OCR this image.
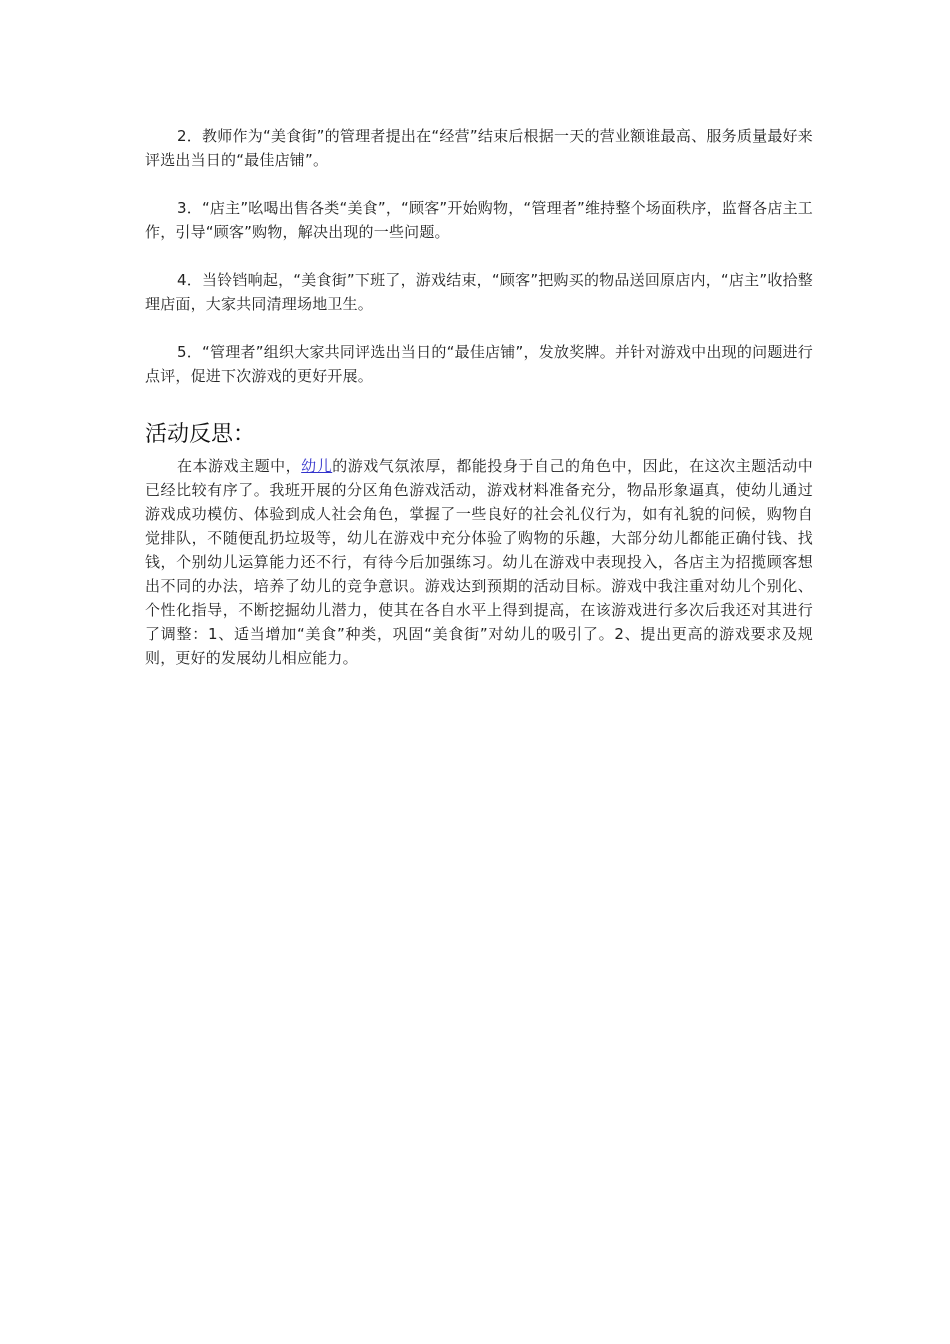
2．教师作为“美食街”的管理者提出在“经营”结束后根据一天的营业额谁最高、服务质量最好来评选出当日的“最佳店铺”。

3．“店主”吆喝出售各类“美食”，“顾客”开始购物，“管理者”维持整个场面秩序，监督各店主工作，引导“顾客”购物，解决出现的一些问题。

4．当铃铛响起，“美食街”下班了，游戏结束，“顾客”把购买的物品送回原店内，“店主”收拾整理店面，大家共同清理场地卫生。

5．“管理者”组织大家共同评选出当日的“最佳店铺”，发放奖牌。并针对游戏中出现的问题进行点评，促进下次游戏的更好开展。

活动反思：

在本游戏主题中，幼儿的游戏气氛浓厚，都能投身于自己的角色中，因此，在这次主题活动中已经比较有序了。我班开展的分区角色游戏活动，游戏材料准备充分，物品形象逼真，使幼儿通过游戏成功模仿、体验到成人社会角色，掌握了一些良好的社会礼仪行为，如有礼貌的问候，购物自觉排队，不随便乱扔垃圾等，幼儿在游戏中充分体验了购物的乐趣，大部分幼儿都能正确付钱、找钱，个别幼儿运算能力还不行，有待今后加强练习。幼儿在游戏中表现投入，各店主为招揽顾客想出不同的办法，培养了幼儿的竞争意识。游戏达到预期的活动目标。游戏中我注重对幼儿个别化、个性化指导，不断挖掘幼儿潜力，使其在各自水平上得到提高，在该游戏进行多次后我还对其进行了调整：1、适当增加“美食”种类，巩固“美食街”对幼儿的吸引了。2、提出更高的游戏要求及规则，更好的发展幼儿相应能力。
